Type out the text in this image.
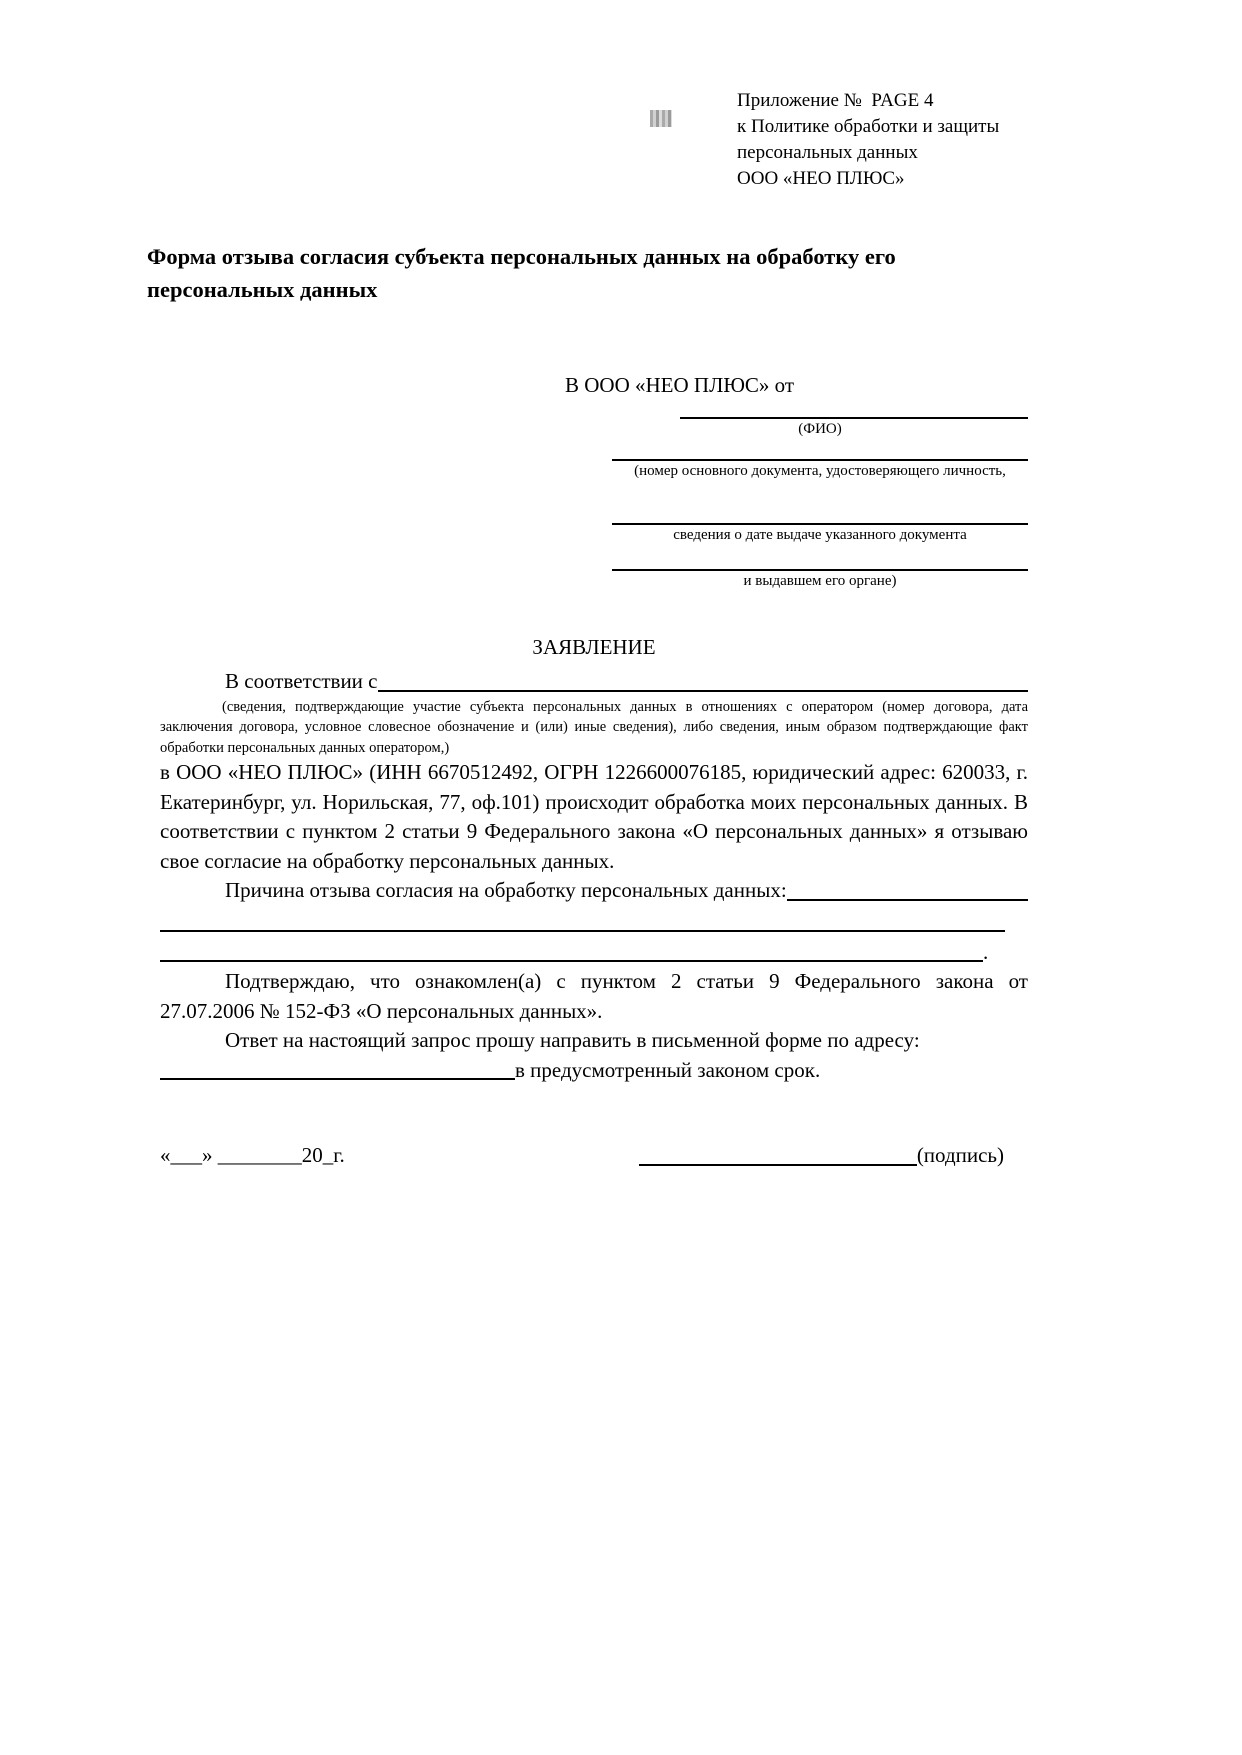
Приложение №  PAGE 4
к Политике обработки и защиты
персональных данных
ООО «НЕО ПЛЮС»
Форма отзыва согласия субъекта персональных данных на обработку его персональных данных
В ООО «НЕО ПЛЮС» от
(ФИО)
(номер основного документа, удостоверяющего личность,
сведения о дате выдаче указанного документа
и выдавшем его органе)
ЗАЯВЛЕНИЕ
В соответствии с
(сведения, подтверждающие участие субъекта персональных данных в отношениях с оператором (номер договора, дата заключения договора, условное словесное обозначение и (или) иные сведения), либо сведения, иным образом подтверждающие факт обработки персональных данных оператором,)
в ООО «НЕО ПЛЮС» (ИНН 6670512492, ОГРН 1226600076185, юридический адрес: 620033, г. Екатеринбург, ул. Норильская, 77, оф.101) происходит обработка моих персональных данных. В соответствии с пунктом 2 статьи 9 Федерального закона «О персональных данных» я отзываю свое согласие на обработку персональных данных.
Причина отзыва согласия на обработку персональных данных:
.

Подтверждаю, что ознакомлен(а) с пунктом 2 статьи 9 Федерального закона от 27.07.2006 № 152-ФЗ «О персональных данных».

Ответ на настоящий запрос прошу направить в письменной форме по адресу:

в предусмотренный законом срок.
«___» ________20_г.	(подпись)
